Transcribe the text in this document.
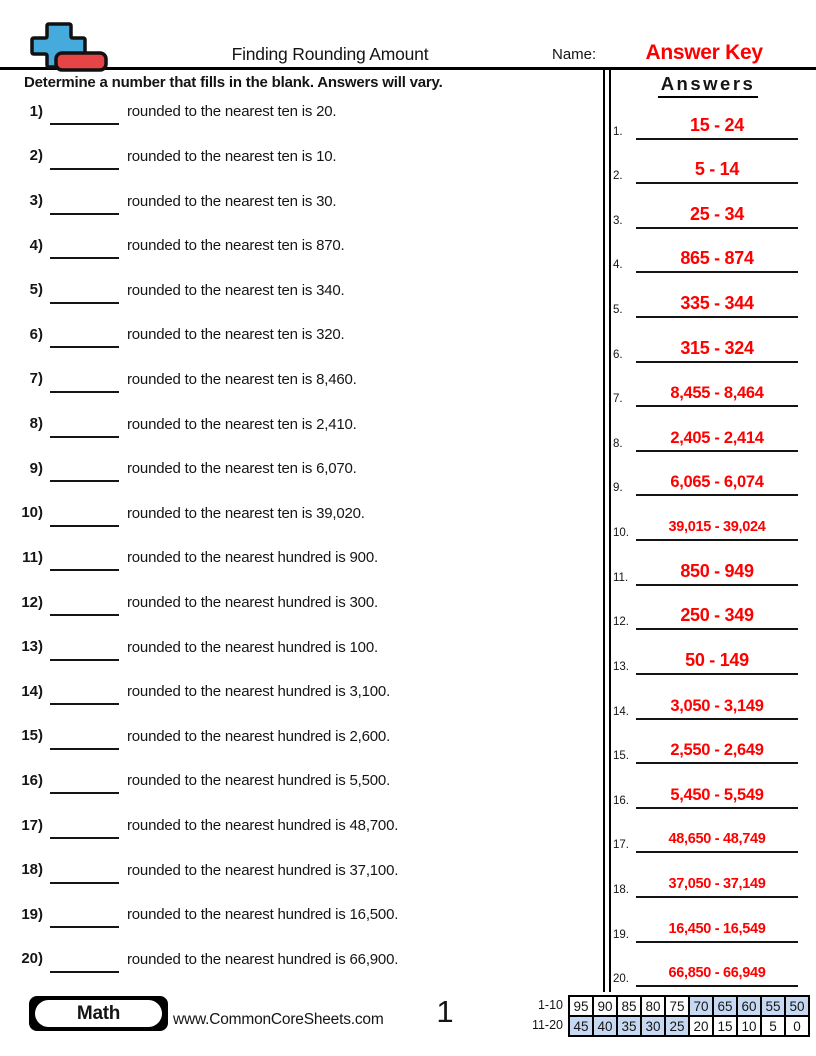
Finding Rounding Amount	Name:	Answer Key
Determine a number that fills in the blank. Answers will vary.	Answers
1)	rounded to the nearest ten is 20.
2)	rounded to the nearest ten is 10.
3)	rounded to the nearest ten is 30.
4)	rounded to the nearest ten is 870.
5)	rounded to the nearest ten is 340.
6)	rounded to the nearest ten is 320.
7)	rounded to the nearest ten is 8,460.
8)	rounded to the nearest ten is 2,410.
9)	rounded to the nearest ten is 6,070.
10)	rounded to the nearest ten is 39,020.
11)	rounded to the nearest hundred is 900.
12)	rounded to the nearest hundred is 300.
13)	rounded to the nearest hundred is 100.
14)	rounded to the nearest hundred is 3,100.
15)	rounded to the nearest hundred is 2,600.
16)	rounded to the nearest hundred is 5,500.
17)	rounded to the nearest hundred is 48,700.
18)	rounded to the nearest hundred is 37,100.
19)	rounded to the nearest hundred is 16,500.
20)	rounded to the nearest hundred is 66,900.
1.	15 - 24
2.	5 - 14
3.	25 - 34
4.	865 - 874
5.	335 - 344
6.	315 - 324
7.	8,455 - 8,464
8.	2,405 - 2,414
9.	6,065 - 6,074
10.	39,015 - 39,024
11.	850 - 949
12.	250 - 349
13.	50 - 149
14.	3,050 - 3,149
15.	2,550 - 2,649
16.	5,450 - 5,549
17.	48,650 - 48,749
18.	37,050 - 37,149
19.	16,450 - 16,549
20.	66,850 - 66,949
Math	www.CommonCoreSheets.com	1	1-10 95 90 85 80 75 70 65 60 55 50
11-20 45 40 35 30 25 20 15 10 5	0
